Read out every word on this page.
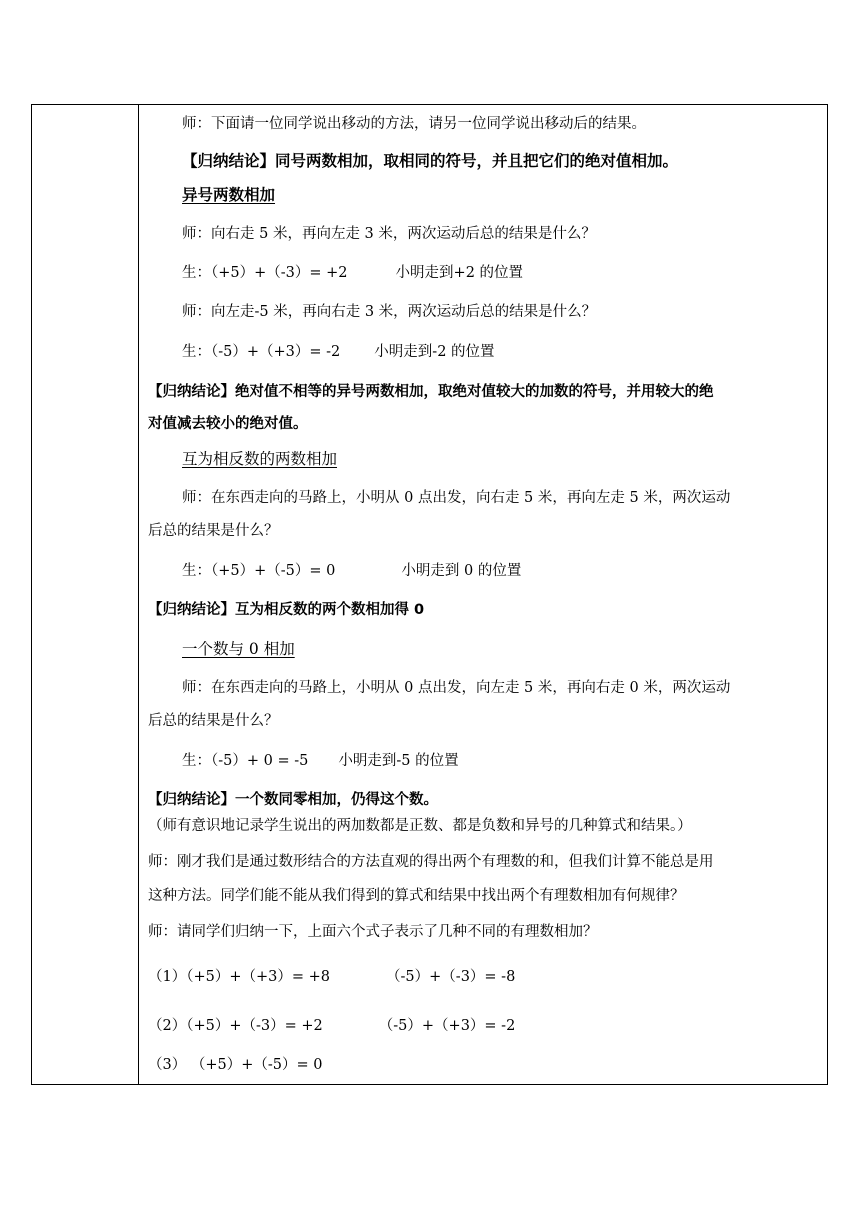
师：下面请一位同学说出移动的方法，请另一位同学说出移动后的结果。
【归纳结论】同号两数相加，取相同的符号，并且把它们的绝对值相加。
异号两数相加
师：向右走 5 米，再向左走 3 米，两次运动后总的结果是什么？
生：（+5）+（-3）= +2	小明走到+2 的位置
师：向左走-5 米，再向右走 3 米，两次运动后总的结果是什么？
生：（-5）+（+3）= -2 小明走到-2 的位置
【归纳结论】绝对值不相等的异号两数相加，取绝对值较大的加数的符号，并用较大的绝
对值减去较小的绝对值。
互为相反数的两数相加
师：在东西走向的马路上，小明从 0 点出发，向右走 5 米，再向左走 5 米，两次运动
后总的结果是什么？
生：（+5）+（-5）= 0	小明走到 0 的位置
【归纳结论】互为相反数的两个数相加得 0
一个数与 0 相加
师：在东西走向的马路上，小明从 0 点出发，向左走 5 米，再向右走 0 米，两次运动
后总的结果是什么？
生：（-5）+ 0 = -5 小明走到-5 的位置
【归纳结论】一个数同零相加，仍得这个数。
（师有意识地记录学生说出的两加数都是正数、都是负数和异号的几种算式和结果。）
师：刚才我们是通过数形结合的方法直观的得出两个有理数的和，但我们计算不能总是用
这种方法。同学们能不能从我们得到的算式和结果中找出两个有理数相加有何规律？
师：请同学们归纳一下，上面六个式子表示了几种不同的有理数相加？
（1）（+5）+（+3）= +8	（-5）+（-3）= -8
（2）（+5）+（-3）= +2	（-5）+（+3）= -2
（3） （+5）+（-5）= 0
